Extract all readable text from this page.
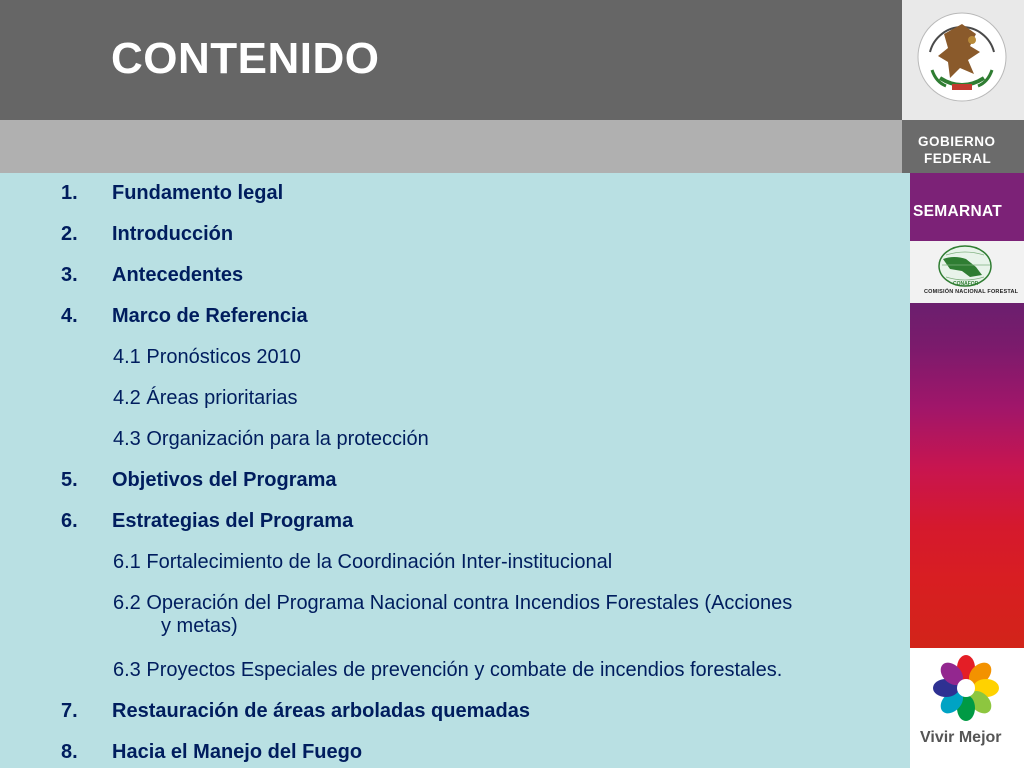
CONTENIDO
1. Fundamento legal
2. Introducción
3. Antecedentes
4. Marco de Referencia
4.1 Pronósticos 2010
4.2 Áreas prioritarias
4.3 Organización para la protección
5. Objetivos del Programa
6. Estrategias del Programa
6.1 Fortalecimiento de la Coordinación Inter-institucional
6.2 Operación del Programa Nacional contra Incendios Forestales (Acciones
y metas)
6.3 Proyectos Especiales de prevención y combate de incendios forestales.
7. Restauración de áreas arboladas quemadas
8. Hacia el Manejo del Fuego
GOBIERNO
FEDERAL
SEMARNAT
CONAFOR
COMISIÓN NACIONAL FORESTAL
Vivir Mejor
